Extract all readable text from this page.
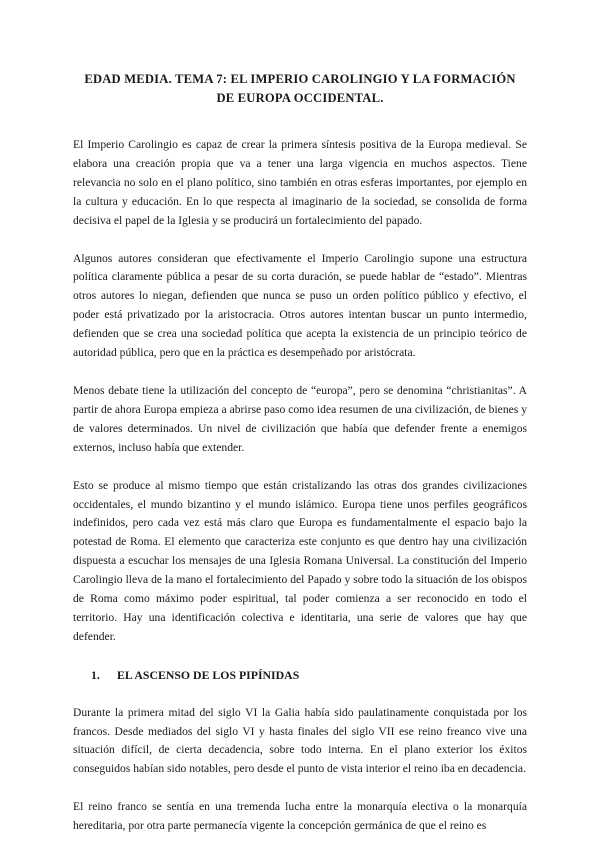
EDAD MEDIA. TEMA 7: EL IMPERIO CAROLINGIO Y LA FORMACIÓN
DE EUROPA OCCIDENTAL.

El Imperio Carolingio es capaz de crear la primera síntesis positiva de la Europa medieval. Se elabora una creación propia que va a tener una larga vigencia en muchos aspectos. Tiene relevancia no solo en el plano político, sino también en otras esferas importantes, por ejemplo en la cultura y educación. En lo que respecta al imaginario de la sociedad, se consolida de forma decisiva el papel de la Iglesia y se producirá un fortalecimiento del papado.

Algunos autores consideran que efectivamente el Imperio Carolingio supone una estructura política claramente pública a pesar de su corta duración, se puede hablar de “estado”. Mientras otros autores lo niegan, defienden que nunca se puso un orden político público y efectivo, el poder está privatizado por la aristocracia. Otros autores intentan buscar un punto intermedio, defienden que se crea una sociedad política que acepta la existencia de un principio teórico de autoridad pública, pero que en la práctica es desempeñado por aristócrata.

Menos debate tiene la utilización del concepto de “europa”, pero se denomina “christianitas”. A partir de ahora Europa empieza a abrirse paso como idea resumen de una civilización, de bienes y de valores determinados. Un nivel de civilización que había que defender frente a enemigos externos, incluso había que extender.

Esto se produce al mismo tiempo que están cristalizando las otras dos grandes civilizaciones occidentales, el mundo bizantino y el mundo islámico. Europa tiene unos perfiles geográficos indefinidos, pero cada vez está más claro que Europa es fundamentalmente el espacio bajo la potestad de Roma. El elemento que caracteriza este conjunto es que dentro hay una civilización dispuesta a escuchar los mensajes de una Iglesia Romana Universal. La constitución del Imperio Carolingio lleva de la mano el fortalecimiento del Papado y sobre todo la situación de los obispos de Roma como máximo poder espiritual, tal poder comienza a ser reconocido en todo el territorio. Hay una identificación colectiva e identitaria, una serie de valores que hay que defender.

1.	EL ASCENSO DE LOS PIPÍNIDAS

Durante la primera mitad del siglo VI la Galia había sido paulatinamente conquistada por los francos. Desde mediados del siglo VI y hasta finales del siglo VII ese reino freanco vive una situación difícil, de cierta decadencia, sobre todo interna. En el plano exterior los éxitos conseguidos habían sido notables, pero desde el punto de vista interior el reino iba en decadencia.

El reino franco se sentía en una tremenda lucha entre la monarquía electiva o la monarquía hereditaria, por otra parte permanecía vigente la concepción germánica de que el reino es
